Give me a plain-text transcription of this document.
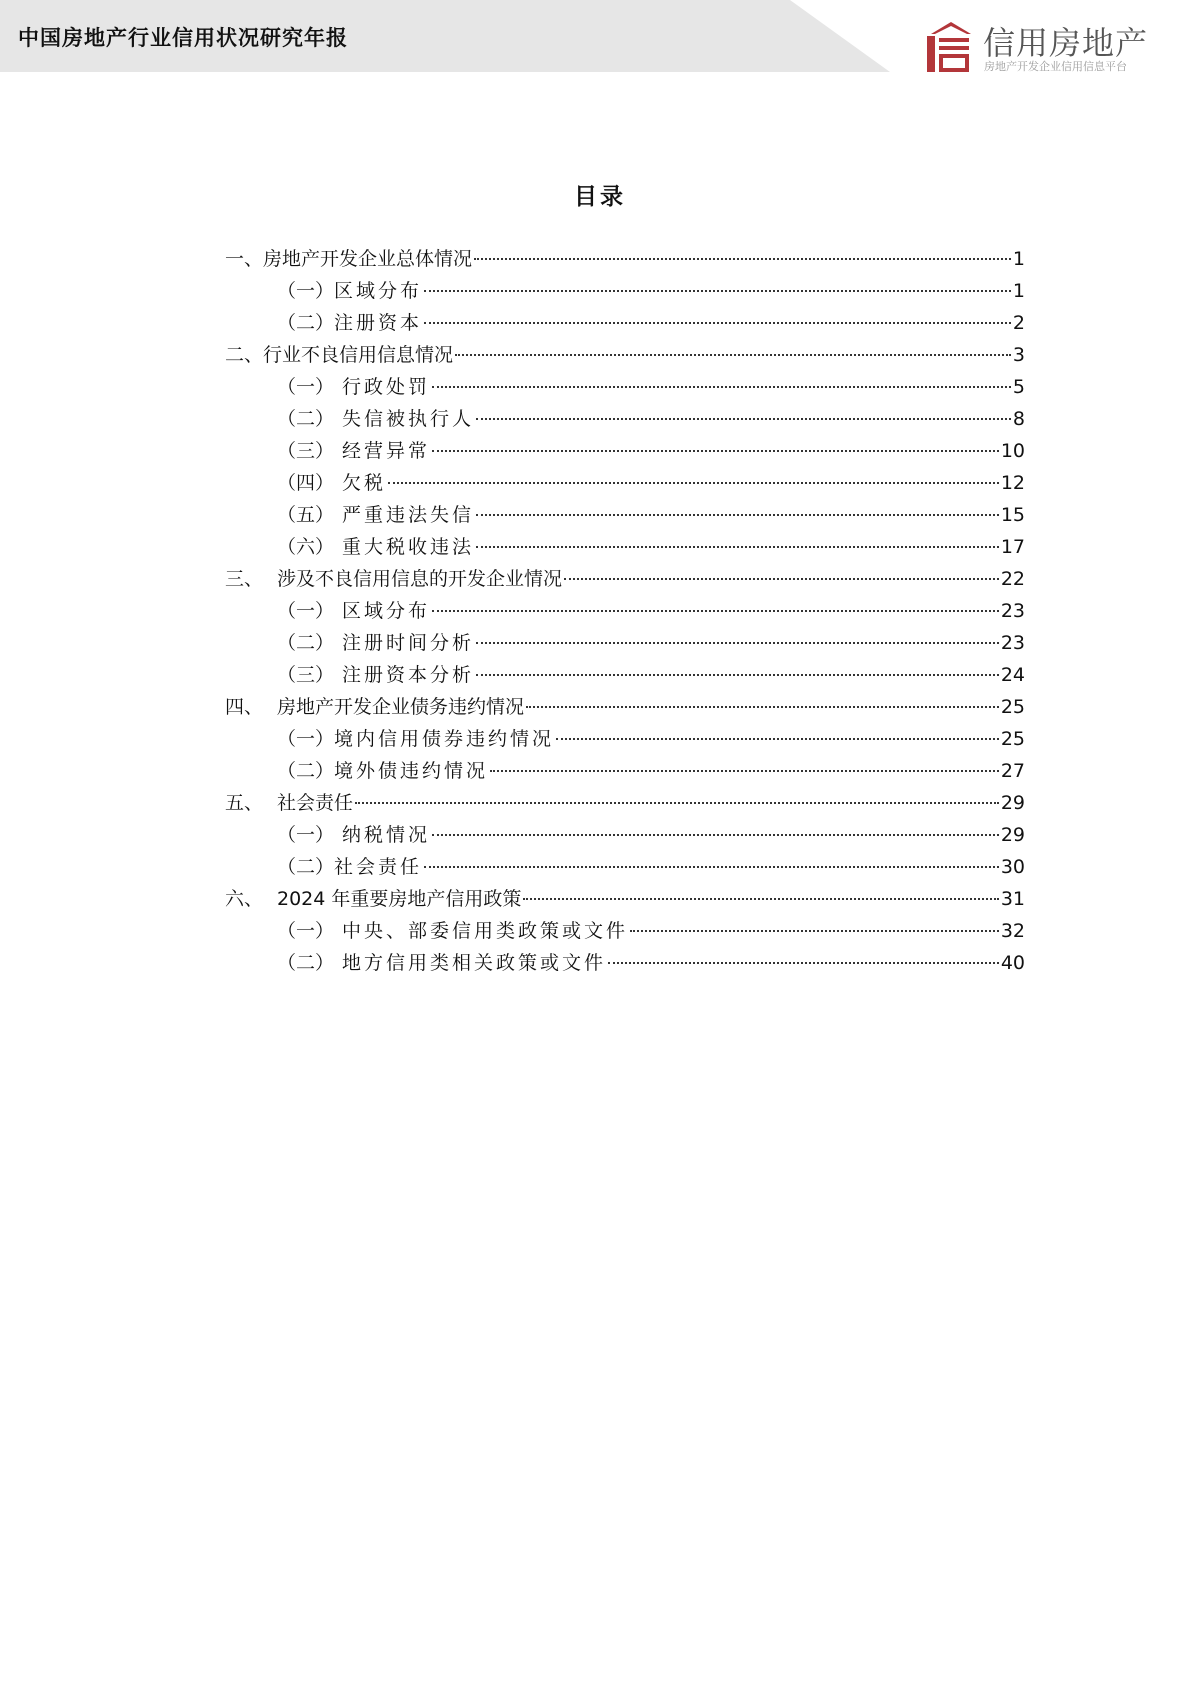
中国房地产行业信用状况研究年报	信用房地产
房地产开发企业信用信息平台
目录
一、 房地产开发企业总体情况	1
（一） 区域分布	1
（二） 注册资本	2
二、 行业不良信用信息情况	3
（一） 行政处罚	5
（二） 失信被执行人	8
（三） 经营异常	10
（四） 欠税	12
（五） 严重违法失信	15
（六） 重大税收违法	17
三、 涉及不良信用信息的开发企业情况	22
（一） 区域分布	23
（二） 注册时间分析	23
（三） 注册资本分析	24
四、 房地产开发企业债务违约情况	25
（一） 境内信用债券违约情况	25
（二） 境外债违约情况	27
五、 社会责任	29
（一） 纳税情况	29
（二） 社会责任	30
六、 2024 年重要房地产信用政策	31
（一） 中央、部委信用类政策或文件	32
（二） 地方信用类相关政策或文件	40
